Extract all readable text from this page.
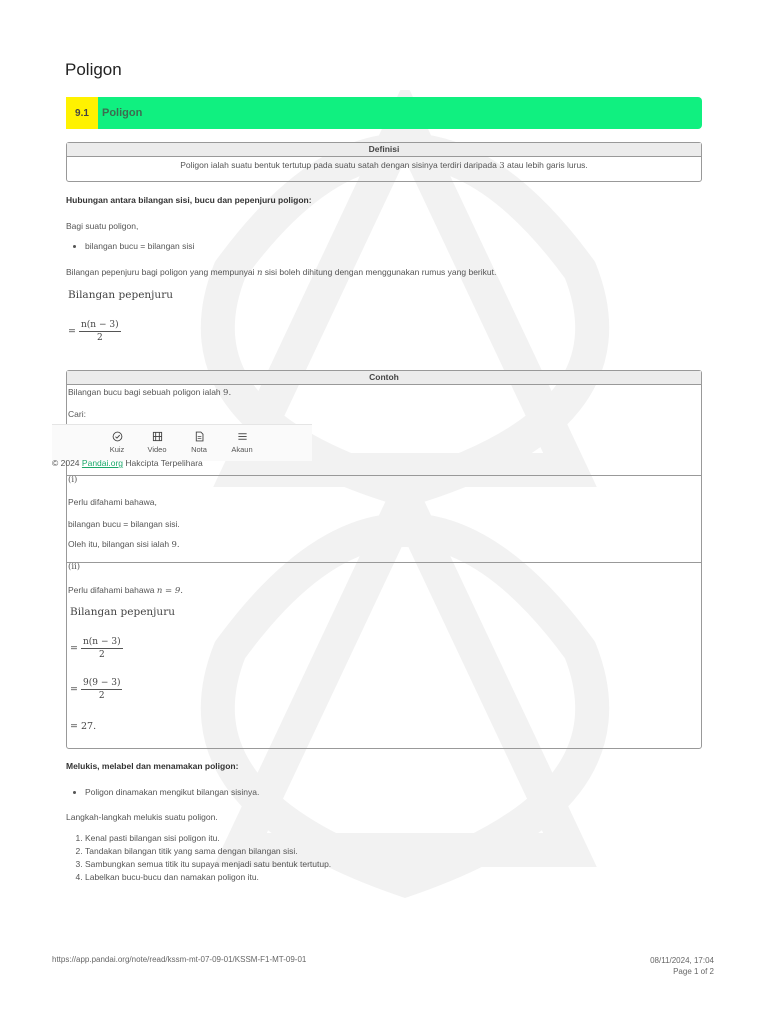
Poligon
9.1	Poligon
Definisi
Poligon ialah suatu bentuk tertutup pada suatu satah dengan sisinya terdiri daripada 3 atau lebih garis lurus.
Hubungan antara bilangan sisi, bucu dan pepenjuru poligon:
Bagi suatu poligon,
• bilangan bucu = bilangan sisi
Bilangan pepenjuru bagi poligon yang mempunyai n sisi boleh dihitung dengan menggunakan rumus yang berikut.
Bilangan pepenjuru
= $\frac{n(n - 3)}{2}$
Contoh
Bilangan bucu bagi sebuah poligon ialah 9.
Cari:
(i)
Perlu difahami bahawa,
bilangan bucu = bilangan sisi.
Oleh itu, bilangan sisi ialah 9.
(ii)
Perlu difahami bahawa n = 9.
Bilangan pepenjuru
= $\frac{n(n - 3)}{2}$
= $\frac{9(9 - 3)}{2}$
= 27.
Kuiz	Video	Nota	Akaun
© 2024 Pandai.org Hakcipta Terpelihara
Melukis, melabel dan menamakan poligon:
• Poligon dinamakan mengikut bilangan sisinya.
Langkah-langkah melukis suatu poligon.
1. Kenal pasti bilangan sisi poligon itu.
2. Tandakan bilangan titik yang sama dengan bilangan sisi.
3. Sambungkan semua titik itu supaya menjadi satu bentuk tertutup.
4. Labelkan bucu-bucu dan namakan poligon itu.
https://app.pandai.org/note/read/kssm-mt-07-09-01/KSSM-F1-MT-09-01	08/11/2024, 17:04
Page 1 of 2
